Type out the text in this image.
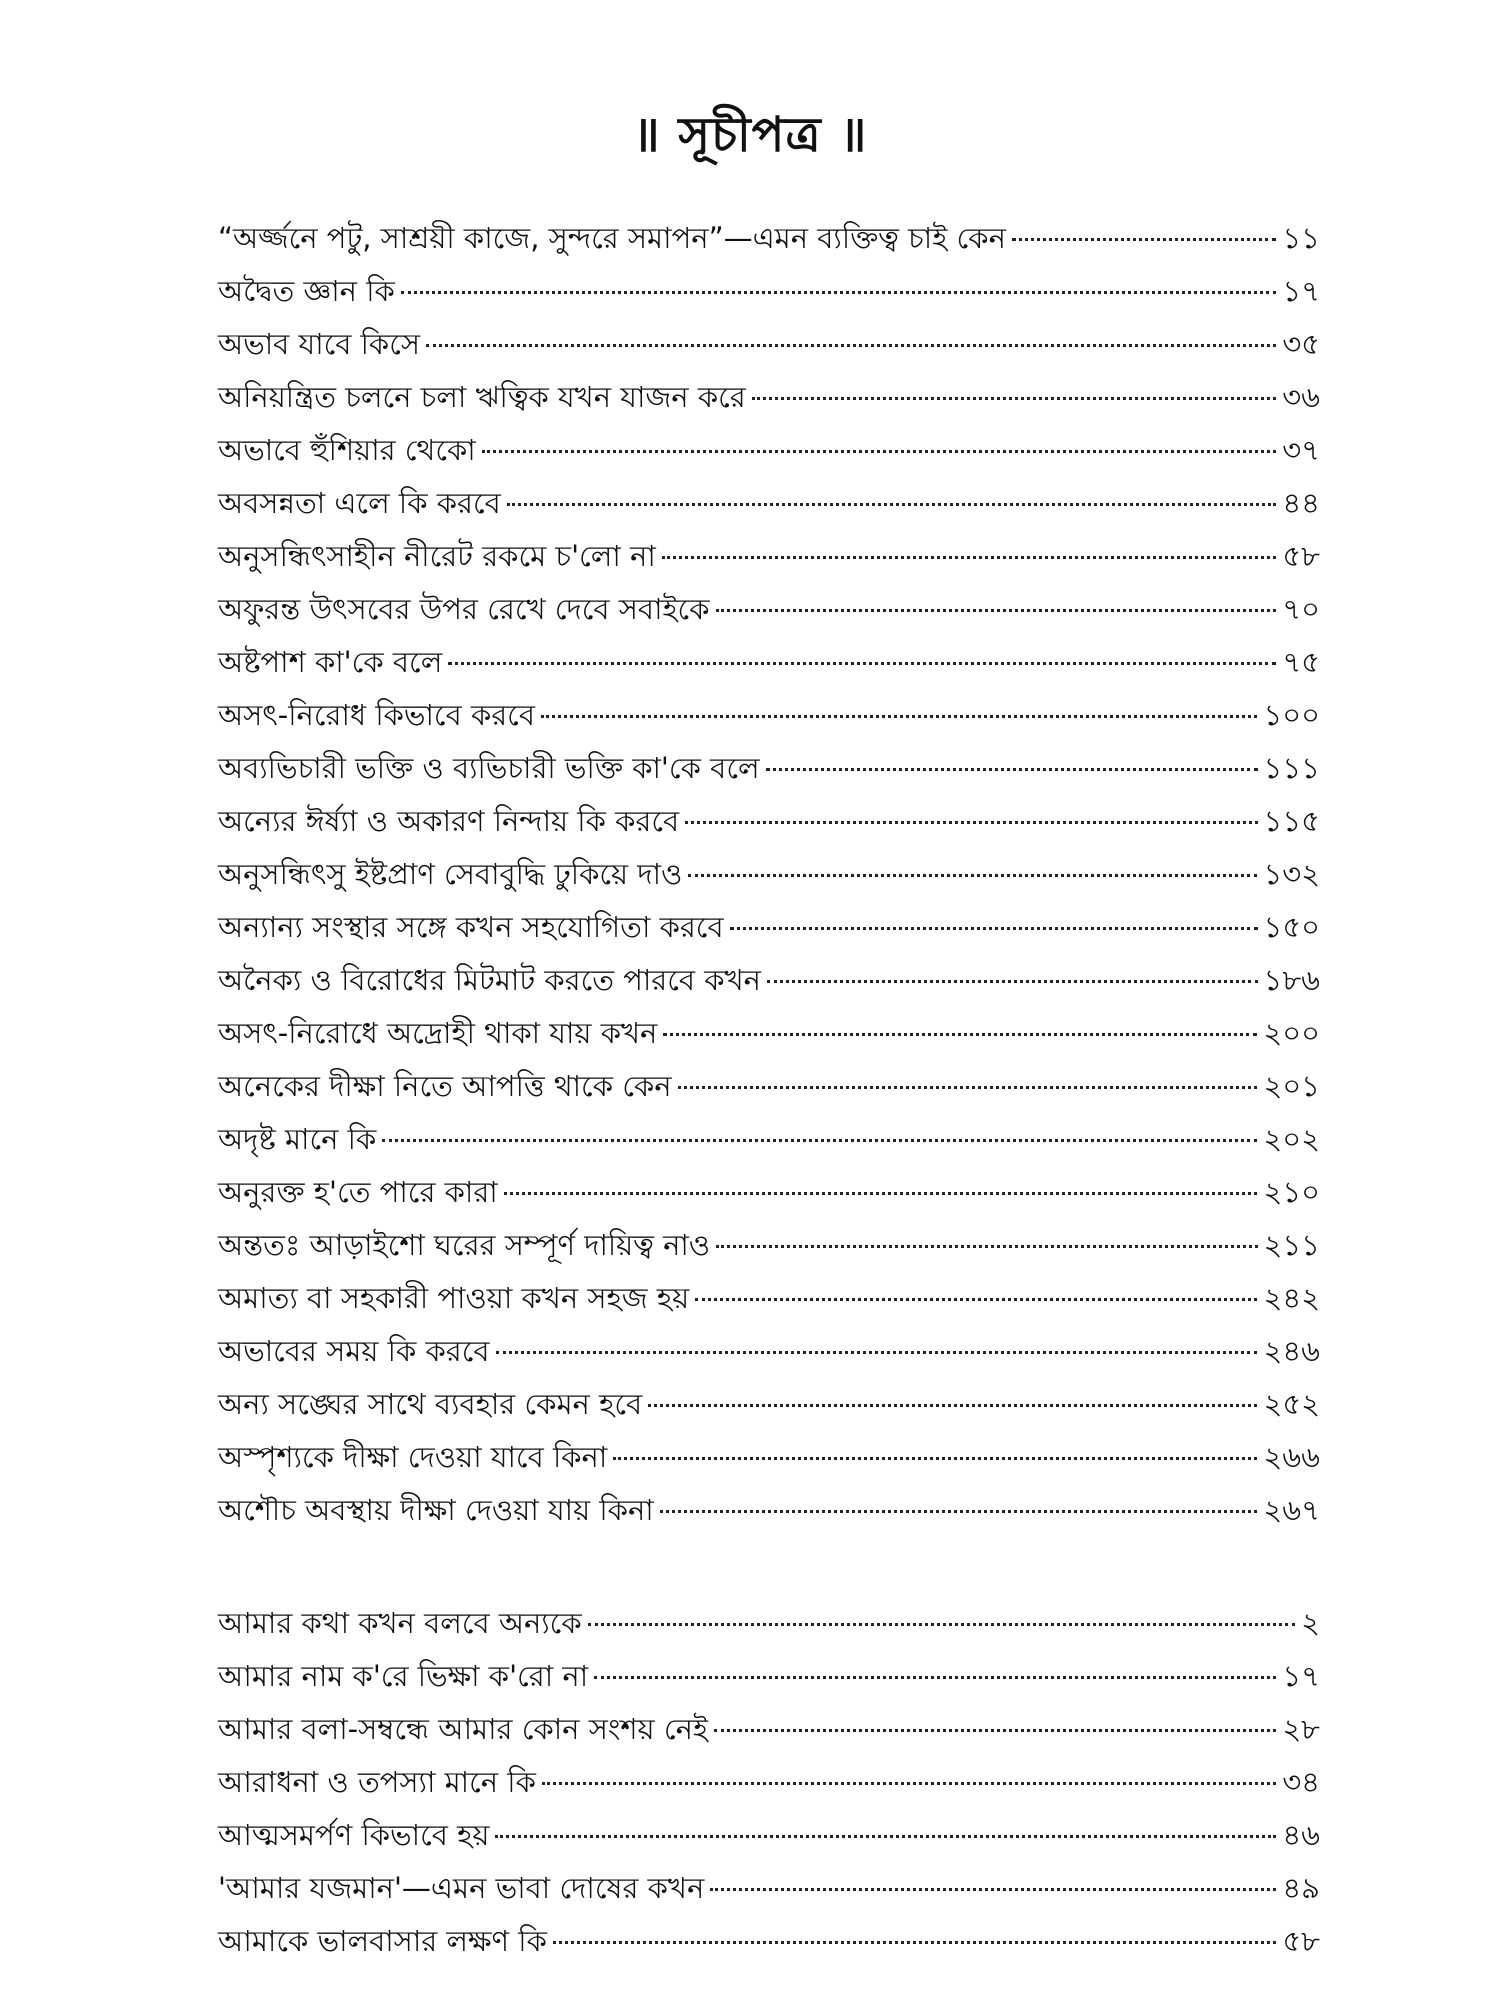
॥ সূচীপত্র ॥
“অর্জ্জনে পটু, সাশ্রয়ী কাজে, সুন্দরে সমাপন”—এমন ব্যক্তিত্ব চাই কেন	১১
অদ্বৈত জ্ঞান কি	১৭
অভাব যাবে কিসে	৩৫
অনিয়ন্ত্রিত চলনে চলা ঋত্বিক যখন যাজন করে	৩৬
অভাবে হুঁশিয়ার থেকো	৩৭
অবসন্নতা এলে কি করবে	৪৪
অনুসন্ধিৎসাহীন নীরেট রকমে চ'লো না	৫৮
অফুরন্ত উৎসবের উপর রেখে দেবে সবাইকে	৭০
অষ্টপাশ কা'কে বলে	৭৫
অসৎ-নিরোধ কিভাবে করবে	১০০
অব্যভিচারী ভক্তি ও ব্যভিচারী ভক্তি কা'কে বলে	১১১
অন্যের ঈর্ষ্যা ও অকারণ নিন্দায় কি করবে	১১৫
অনুসন্ধিৎসু ইষ্টপ্রাণ সেবাবুদ্ধি ঢুকিয়ে দাও	১৩২
অন্যান্য সংস্থার সঙ্গে কখন সহযোগিতা করবে	১৫০
অনৈক্য ও বিরোধের মিটমাট করতে পারবে কখন	১৮৬
অসৎ-নিরোধে অদ্রোহী থাকা যায় কখন	২০০
অনেকের দীক্ষা নিতে আপত্তি থাকে কেন	২০১
অদৃষ্ট মানে কি	২০২
অনুরক্ত হ'তে পারে কারা	২১০
অন্ততঃ আড়াইশো ঘরের সম্পূর্ণ দায়িত্ব নাও	২১১
অমাত্য বা সহকারী পাওয়া কখন সহজ হয়	২৪২
অভাবের সময় কি করবে	২৪৬
অন্য সঙ্ঘের সাথে ব্যবহার কেমন হবে	২৫২
অস্পৃশ্যকে দীক্ষা দেওয়া যাবে কিনা	২৬৬
অশৌচ অবস্থায় দীক্ষা দেওয়া যায় কিনা	২৬৭
আমার কথা কখন বলবে অন্যকে	২
আমার নাম ক'রে ভিক্ষা ক'রো না	১৭
আমার বলা-সম্বন্ধে আমার কোন সংশয় নেই	২৮
আরাধনা ও তপস্যা মানে কি	৩৪
আত্মসমর্পণ কিভাবে হয়	৪৬
'আমার যজমান'—এমন ভাবা দোষের কখন	৪৯
আমাকে ভালবাসার লক্ষণ কি	৫৮
